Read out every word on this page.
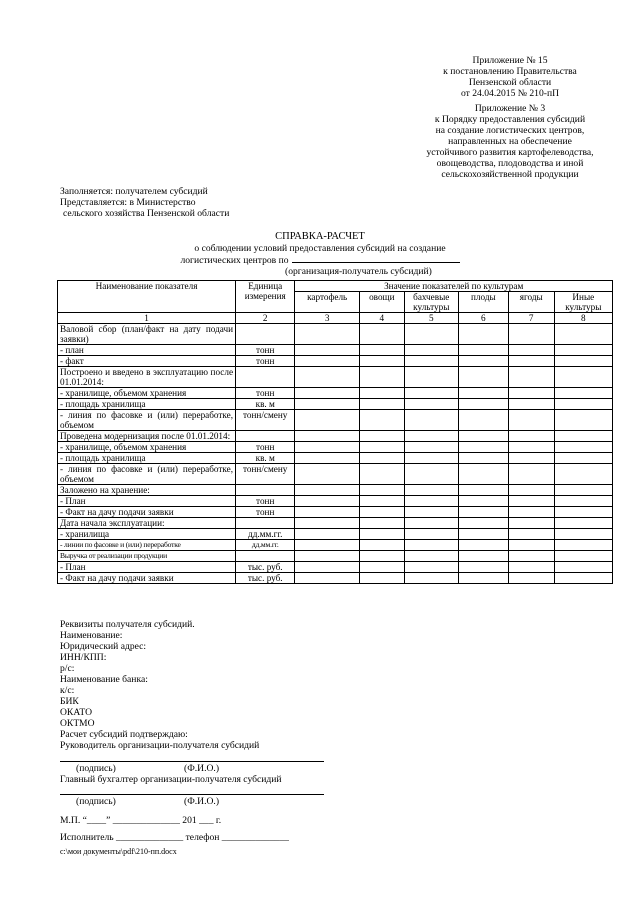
Приложение № 15
к постановлению Правительства
Пензенской области
от 24.04.2015 № 210-пП
Приложение № 3
к Порядку предоставления субсидий
на создание логистических центров,
направленных на обеспечение
устойчивого развития картофелеводства,
овощеводства, плодоводства и иной
сельскохозяйственной продукции
Заполняется: получателем субсидий
Представляется: в Министерство
сельского хозяйства Пензенской области
СПРАВКА-РАСЧЕТ
о соблюдении условий предоставления субсидий на создание
логистических центров по
(организация-получатель субсидий)
Наименование показателя	Единица измерения	Значение показателей по культурам					
		картофель	овощи	бахчевые культуры	плоды	ягоды	Иные культуры
1	2	3	4	5	6	7	8
Валовой сбор (план/факт на дату подачи заявки)							
- план	тонн						
- факт	тонн						
Построено и введено в эксплуатацию после 01.01.2014:							
- хранилище, объемом хранения	тонн						
- площадь хранилища	кв. м						
- линия по фасовке и (или) переработке, объемом	тонн/смену						
Проведена модернизация после 01.01.2014:							
- хранилище, объемом хранения	тонн						
- площадь хранилища	кв. м						
- линия по фасовке и (или) переработке, объемом	тонн/смену						
Заложено на хранение:							
- План	тонн						
- Факт на дачу подачи заявки	тонн						
Дата начала эксплуатации:							
- хранилища	дд.мм.гг.						
- линии по фасовке и (или) переработке	дд.мм.гг.						
Выручка от реализации продукции							
- План	тыс. руб.						
- Факт на дачу подачи заявки	тыс. руб.						
Реквизиты получателя субсидий.
Наименование:
Юридический адрес:
ИНН/КПП:
р/с:
Наименование банка:
к/с:
БИК
ОКАТО
ОКТМО
Расчет субсидий подтверждаю:
Руководитель организации-получателя субсидий
(подпись)	(Ф.И.О.)
Главный бухгалтер организации-получателя субсидий
(подпись)	(Ф.И.О.)
М.П. “____” ______________ 201 ___ г.
Исполнитель ______________ телефон ______________
c:\мои документы\pdf\210-пп.docx
